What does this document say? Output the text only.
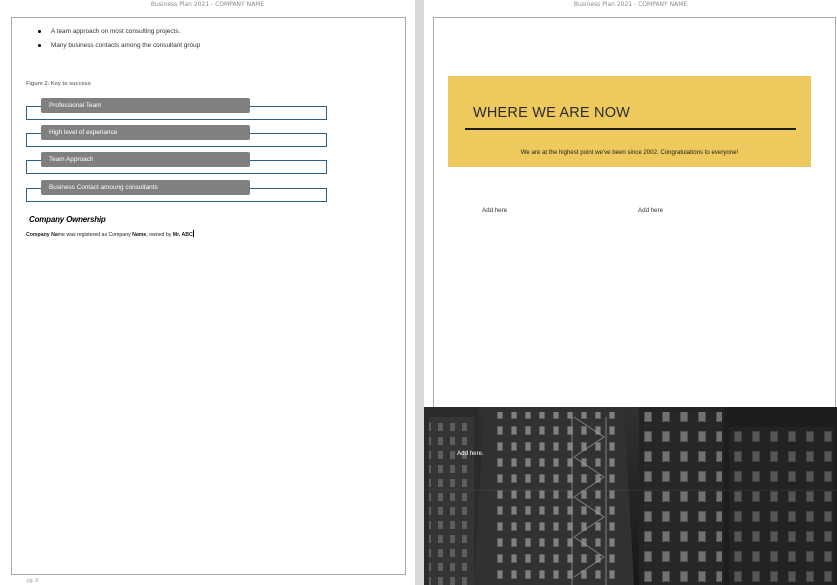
Business Plan 2021 - COMPANY NAME
A team approach on most consulting projects.
Many business contacts among the consultant group
Figure 2: Key to success
Professional Team
High level of experiance
Team Approach
Business Contact amoung consultants
Company Ownership
Company Name was registered as Company Name, owned by Mr. ABC
pg. 8
Business Plan 2021 - COMPANY NAME
WHERE WE ARE NOW
We are at the highest point we've been since 2002. Congratulations to everyone!
Add here	Add here
Add here.
